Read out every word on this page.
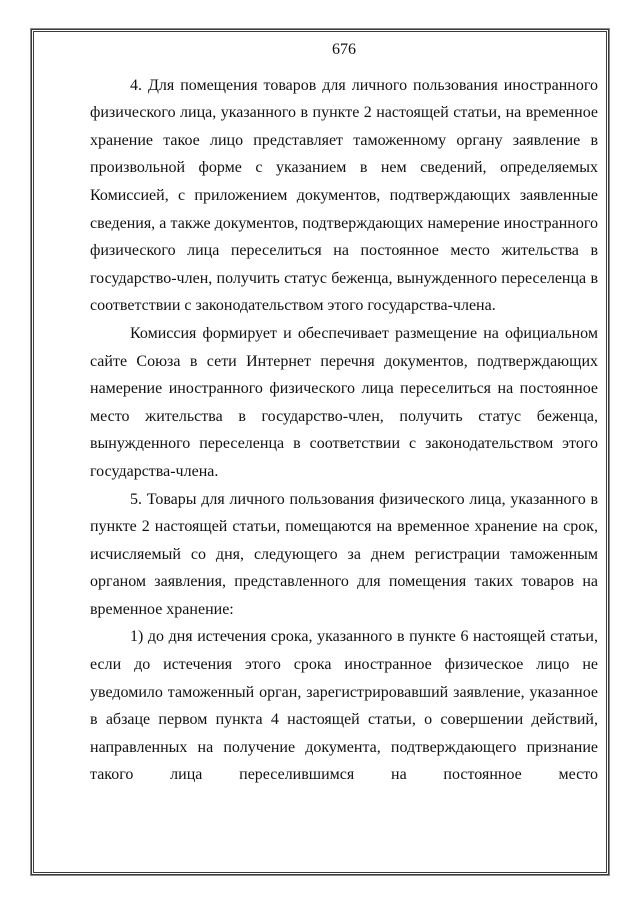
676

4. Для помещения товаров для личного пользования иностранного физического лица, указанного в пункте 2 настоящей статьи, на временное хранение такое лицо представляет таможенному органу заявление в произвольной форме с указанием в нем сведений, определяемых Комиссией, с приложением документов, подтверждающих заявленные сведения, а также документов, подтверждающих намерение иностранного физического лица переселиться на постоянное место жительства в государство-член, получить статус беженца, вынужденного переселенца в соответствии с законодательством этого государства-члена.

Комиссия формирует и обеспечивает размещение на официальном сайте Союза в сети Интернет перечня документов, подтверждающих намерение иностранного физического лица переселиться на постоянное место жительства в государство-член, получить статус беженца, вынужденного переселенца в соответствии с законодательством этого государства-члена.

5. Товары для личного пользования физического лица, указанного в пункте 2 настоящей статьи, помещаются на временное хранение на срок, исчисляемый со дня, следующего за днем регистрации таможенным органом заявления, представленного для помещения таких товаров на временное хранение:

1) до дня истечения срока, указанного в пункте 6 настоящей статьи, если до истечения этого срока иностранное физическое лицо не уведомило таможенный орган, зарегистрировавший заявление, указанное в абзаце первом пункта 4 настоящей статьи, о совершении действий, направленных на получение документа, подтверждающего признание такого лица переселившимся на постоянное место
